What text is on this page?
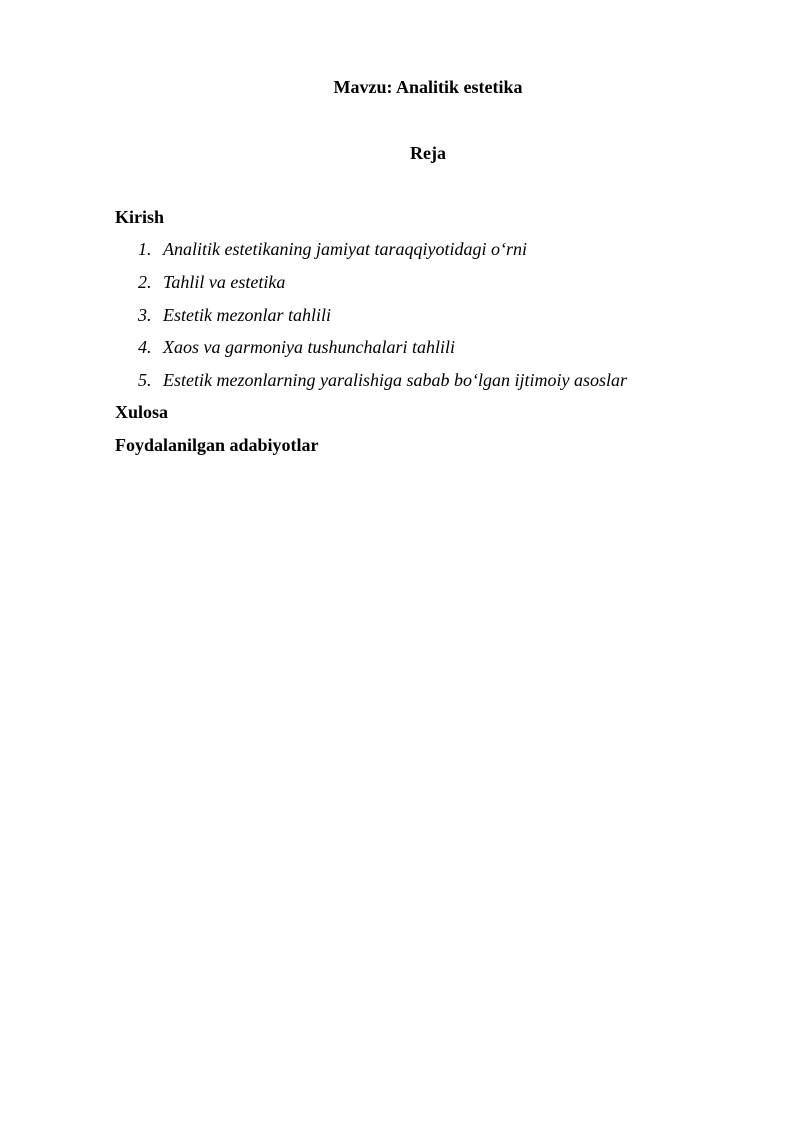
Mavzu: Analitik estetika
Reja
Kirish
1. Analitik estetikaning jamiyat taraqqiyotidagi o‘rni
2. Tahlil va estetika
3. Estetik mezonlar tahlili
4. Xaos va garmoniya tushunchalari tahlili
5. Estetik mezonlarning yaralishiga sabab bo‘lgan ijtimoiy asoslar
Xulosa
Foydalanilgan adabiyotlar
